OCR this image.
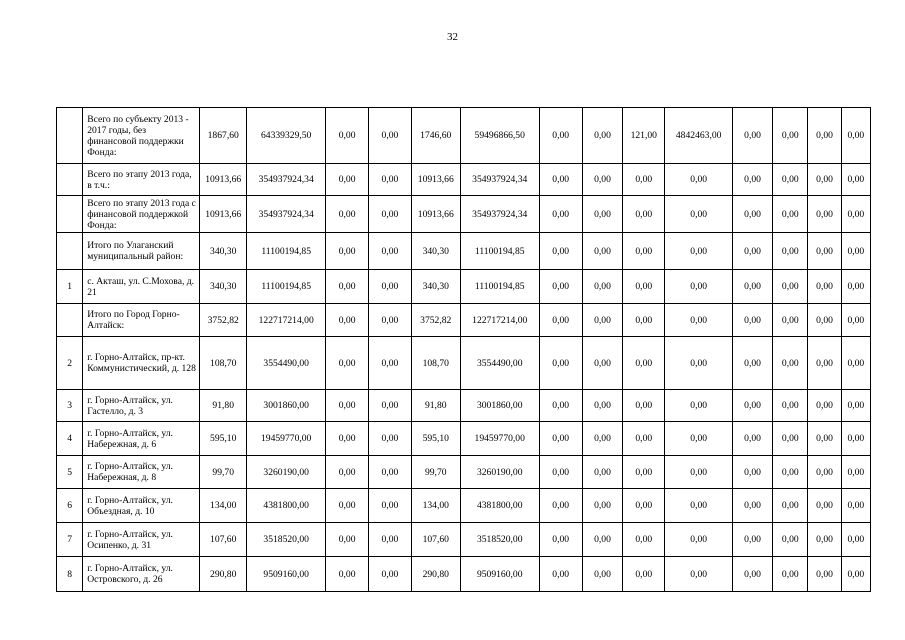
32
	Всего по субъекту 2013 - 2017 годы, без финансовой поддержки Фонда:	1867,60	64339329,50	0,00	0,00	1746,60	59496866,50	0,00	0,00	121,00	4842463,00	0,00	0,00	0,00	0,00
	Всего по этапу 2013 года, в т.ч.:	10913,66	354937924,34	0,00	0,00	10913,66	354937924,34	0,00	0,00	0,00	0,00	0,00	0,00	0,00	0,00
	Всего по этапу 2013 года с финансовой поддержкой Фонда:	10913,66	354937924,34	0,00	0,00	10913,66	354937924,34	0,00	0,00	0,00	0,00	0,00	0,00	0,00	0,00
	Итого по Улаганский муниципальный район:	340,30	11100194,85	0,00	0,00	340,30	11100194,85	0,00	0,00	0,00	0,00	0,00	0,00	0,00	0,00
1	с. Акташ, ул. С.Мохова, д. 21	340,30	11100194,85	0,00	0,00	340,30	11100194,85	0,00	0,00	0,00	0,00	0,00	0,00	0,00	0,00
	Итого по Город Горно-Алтайск:	3752,82	122717214,00	0,00	0,00	3752,82	122717214,00	0,00	0,00	0,00	0,00	0,00	0,00	0,00	0,00
2	г. Горно-Алтайск, пр-кт. Коммунистический, д. 128	108,70	3554490,00	0,00	0,00	108,70	3554490,00	0,00	0,00	0,00	0,00	0,00	0,00	0,00	0,00
3	г. Горно-Алтайск, ул. Гастелло, д. 3	91,80	3001860,00	0,00	0,00	91,80	3001860,00	0,00	0,00	0,00	0,00	0,00	0,00	0,00	0,00
4	г. Горно-Алтайск, ул. Набережная, д. 6	595,10	19459770,00	0,00	0,00	595,10	19459770,00	0,00	0,00	0,00	0,00	0,00	0,00	0,00	0,00
5	г. Горно-Алтайск, ул. Набережная, д. 8	99,70	3260190,00	0,00	0,00	99,70	3260190,00	0,00	0,00	0,00	0,00	0,00	0,00	0,00	0,00
6	г. Горно-Алтайск, ул. Объездная, д. 10	134,00	4381800,00	0,00	0,00	134,00	4381800,00	0,00	0,00	0,00	0,00	0,00	0,00	0,00	0,00
7	г. Горно-Алтайск, ул. Осипенко, д. 31	107,60	3518520,00	0,00	0,00	107,60	3518520,00	0,00	0,00	0,00	0,00	0,00	0,00	0,00	0,00
8	г. Горно-Алтайск, ул. Островского, д. 26	290,80	9509160,00	0,00	0,00	290,80	9509160,00	0,00	0,00	0,00	0,00	0,00	0,00	0,00	0,00
